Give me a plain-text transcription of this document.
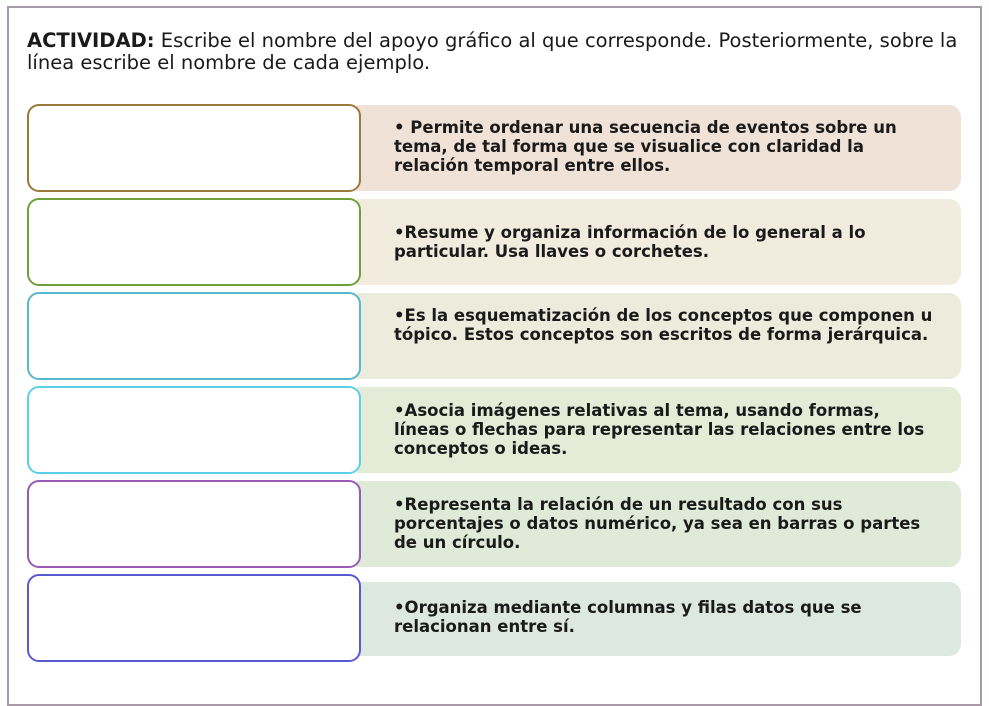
ACTIVIDAD: Escribe el nombre del apoyo gráfico al que corresponde. Posteriormente, sobre la línea escribe el nombre de cada ejemplo.
• Permite ordenar una secuencia de eventos sobre un tema, de tal forma que se visualice con claridad la relación temporal entre ellos.
•Resume y organiza información de lo general a lo particular. Usa llaves o corchetes.
•Es la esquematización de los conceptos que componen u tópico. Estos conceptos son escritos de forma jerárquica.
•Asocia imágenes relativas al tema, usando formas, líneas o flechas para representar las relaciones entre los conceptos o ideas.
•Representa la relación de un resultado con sus porcentajes o datos numérico, ya sea en barras o partes de un círculo.
•Organiza mediante columnas y filas datos que se relacionan entre sí.
